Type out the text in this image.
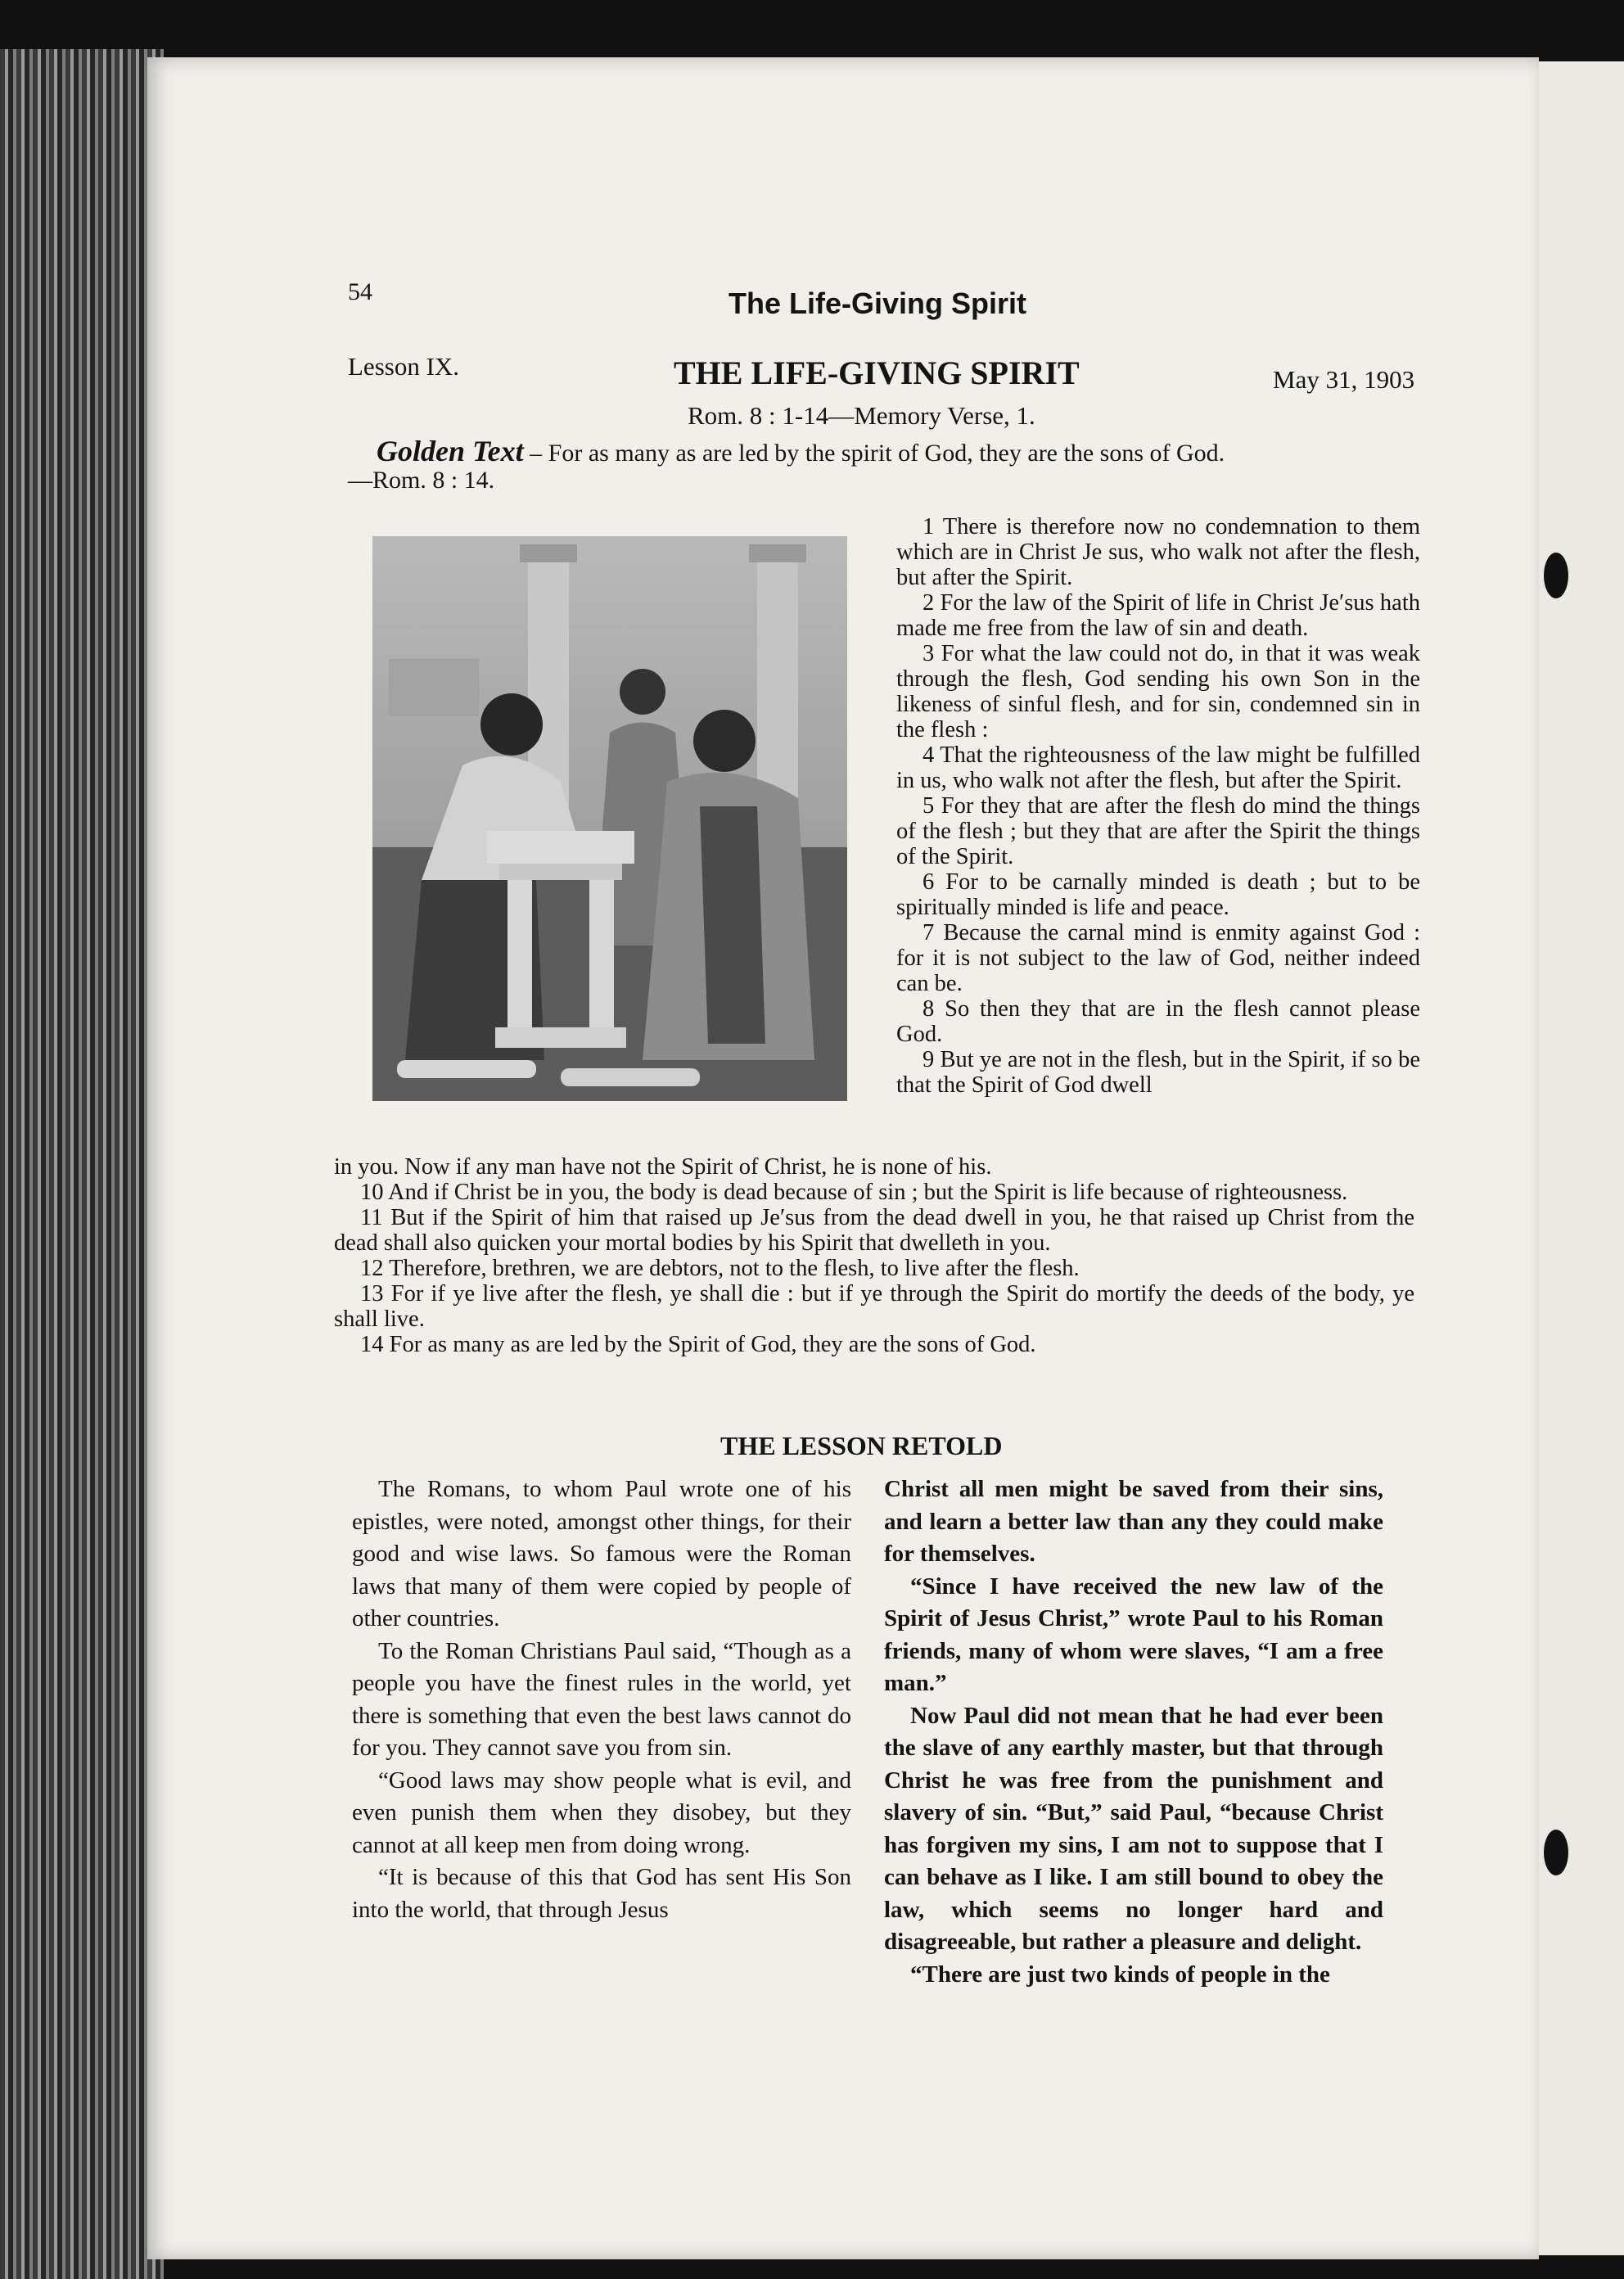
54	The Life-Giving Spirit
Lesson IX.	THE LIFE-GIVING SPIRIT	May 31, 1903
Rom. 8 : 1-14—Memory Verse, 1.
Golden Text – For as many as are led by the spirit of God, they are the sons of God.
—Rom. 8 : 14.

1 There is therefore now no condemnation to them which are in Christ Je sus, who walk not after the flesh, but after the Spirit.

2 For the law of the Spirit of life in Christ Je′sus hath made me free from the law of sin and death.

3 For what the law could not do, in that it was weak through the flesh, God sending his own Son in the likeness of sinful flesh, and for sin, condemned sin in the flesh :

4 That the righteousness of the law might be fulfilled in us, who walk not after the flesh, but after the Spirit.

5 For they that are after the flesh do mind the things of the flesh ; but they that are after the Spirit the things of the Spirit.

6 For to be carnally minded is death ; but to be spiritually minded is life and peace.

7 Because the carnal mind is enmity against God : for it is not subject to the law of God, neither indeed can be.

8 So then they that are in the flesh cannot please God.

9 But ye are not in the flesh, but in the Spirit, if so be that the Spirit of God dwell

in you. Now if any man have not the Spirit of Christ, he is none of his.

10 And if Christ be in you, the body is dead because of sin ; but the Spirit is life because of righteousness.

11 But if the Spirit of him that raised up Je′sus from the dead dwell in you, he that raised up Christ from the dead shall also quicken your mortal bodies by his Spirit that dwelleth in you.

12 Therefore, brethren, we are debtors, not to the flesh, to live after the flesh.

13 For if ye live after the flesh, ye shall die : but if ye through the Spirit do mortify the deeds of the body, ye shall live.

14 For as many as are led by the Spirit of God, they are the sons of God.

THE LESSON RETOLD

The Romans, to whom Paul wrote one of his epistles, were noted, amongst other things, for their good and wise laws. So famous were the Roman laws that many of them were copied by people of other countries.

To the Roman Christians Paul said, “Though as a people you have the finest rules in the world, yet there is something that even the best laws cannot do for you. They cannot save you from sin.

“Good laws may show people what is evil, and even punish them when they disobey, but they cannot at all keep men from doing wrong.

“It is because of this that God has sent His Son into the world, that through Jesus

Christ all men might be saved from their sins, and learn a better law than any they could make for themselves.

“Since I have received the new law of the Spirit of Jesus Christ,” wrote Paul to his Roman friends, many of whom were slaves, “I am a free man.”

Now Paul did not mean that he had ever been the slave of any earthly master, but that through Christ he was free from the punishment and slavery of sin. “But,” said Paul, “because Christ has forgiven my sins, I am not to suppose that I can behave as I like. I am still bound to obey the law, which seems no longer hard and disagreeable, but rather a pleasure and delight.

“There are just two kinds of people in the
